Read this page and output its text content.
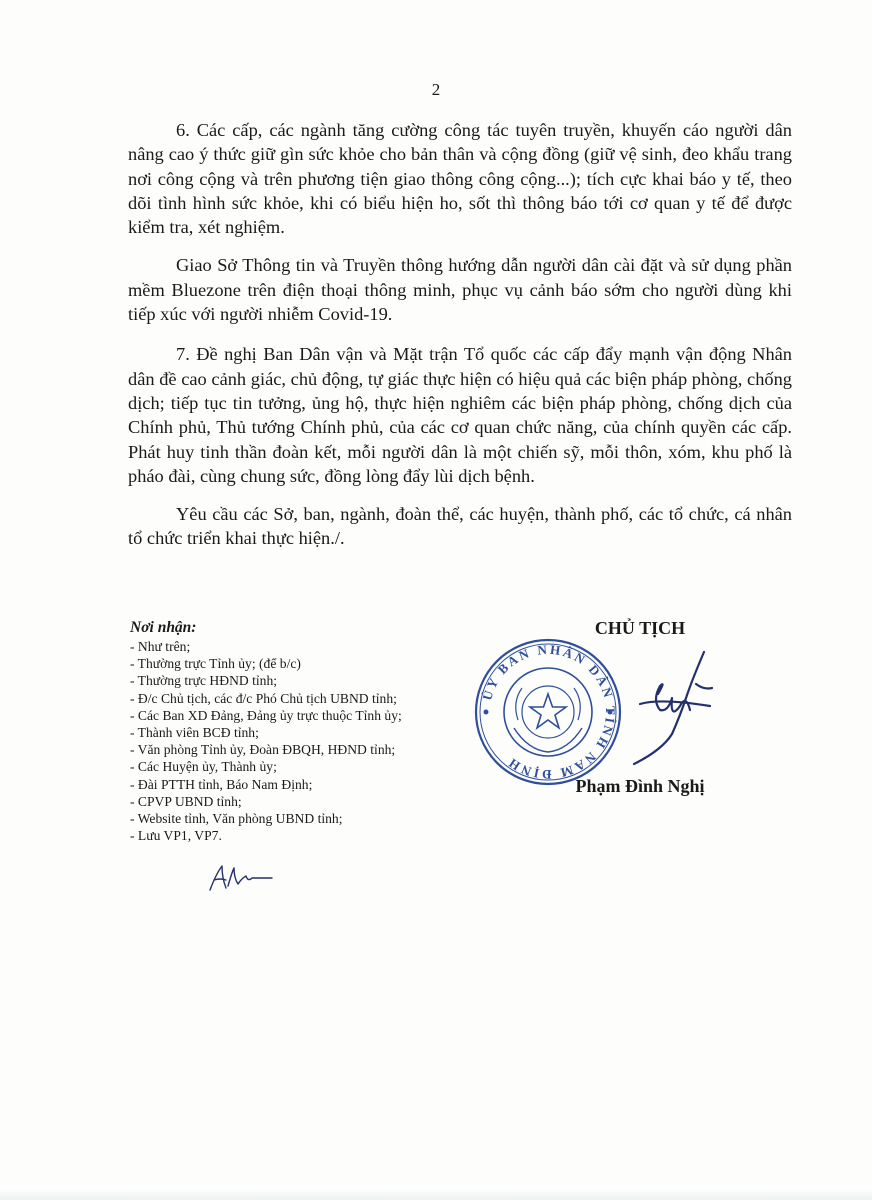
2

6. Các cấp, các ngành tăng cường công tác tuyên truyền, khuyến cáo người dân nâng cao ý thức giữ gìn sức khỏe cho bản thân và cộng đồng (giữ vệ sinh, đeo khẩu trang nơi công cộng và trên phương tiện giao thông công cộng...); tích cực khai báo y tế, theo dõi tình hình sức khỏe, khi có biểu hiện ho, sốt thì thông báo tới cơ quan y tế để được kiểm tra, xét nghiệm.

Giao Sở Thông tin và Truyền thông hướng dẫn người dân cài đặt và sử dụng phần mềm Bluezone trên điện thoại thông minh, phục vụ cảnh báo sớm cho người dùng khi tiếp xúc với người nhiễm Covid-19.

7. Đề nghị Ban Dân vận và Mặt trận Tổ quốc các cấp đẩy mạnh vận động Nhân dân đề cao cảnh giác, chủ động, tự giác thực hiện có hiệu quả các biện pháp phòng, chống dịch; tiếp tục tin tưởng, ủng hộ, thực hiện nghiêm các biện pháp phòng, chống dịch của Chính phủ, Thủ tướng Chính phủ, của các cơ quan chức năng, của chính quyền các cấp. Phát huy tinh thần đoàn kết, mỗi người dân là một chiến sỹ, mỗi thôn, xóm, khu phố là pháo đài, cùng chung sức, đồng lòng đẩy lùi dịch bệnh.

Yêu cầu các Sở, ban, ngành, đoàn thể, các huyện, thành phố, các tổ chức, cá nhân tổ chức triển khai thực hiện./.

Nơi nhận:
- Như trên;
- Thường trực Tỉnh ủy; (để b/c)
- Thường trực HĐND tỉnh;
- Đ/c Chủ tịch, các đ/c Phó Chủ tịch UBND tỉnh;
- Các Ban XD Đảng, Đảng ủy trực thuộc Tỉnh ủy;
- Thành viên BCĐ tỉnh;
- Văn phòng Tỉnh ủy, Đoàn ĐBQH, HĐND tỉnh;
- Các Huyện ủy, Thành ủy;
- Đài PTTH tỉnh, Báo Nam Định;
- CPVP UBND tỉnh;
- Website tỉnh, Văn phòng UBND tỉnh;
- Lưu VP1, VP7.
CHỦ TỊCH
ỦY BAN NHÂN DÂN TỈNH NAM ĐỊNH
Phạm Đình Nghị
